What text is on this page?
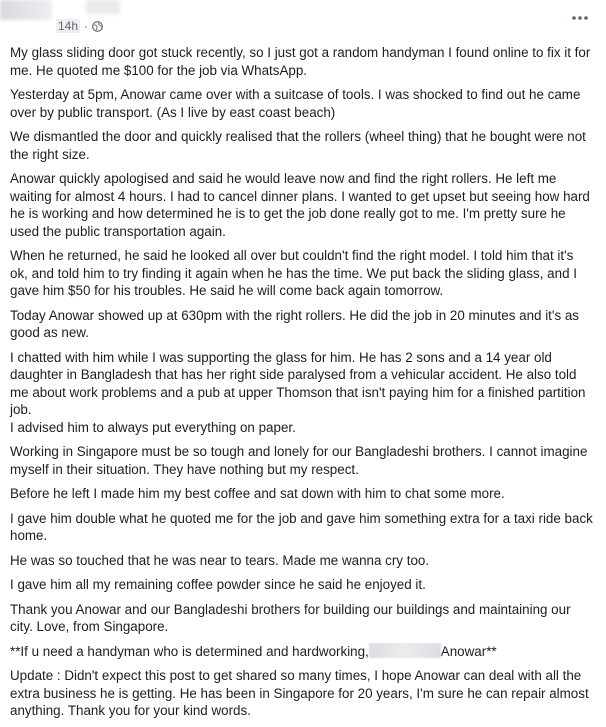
14h ·

My glass sliding door got stuck recently, so I just got a random handyman I found online to fix it for me. He quoted me $100 for the job via WhatsApp.

Yesterday at 5pm, Anowar came over with a suitcase of tools. I was shocked to find out he came over by public transport. (As I live by east coast beach)

We dismantled the door and quickly realised that the rollers (wheel thing) that he bought were not the right size.

Anowar quickly apologised and said he would leave now and find the right rollers. He left me waiting for almost 4 hours. I had to cancel dinner plans. I wanted to get upset but seeing how hard he is working and how determined he is to get the job done really got to me. I'm pretty sure he used the public transportation again.

When he returned, he said he looked all over but couldn't find the right model. I told him that it's ok, and told him to try finding it again when he has the time. We put back the sliding glass, and I gave him $50 for his troubles. He said he will come back again tomorrow.

Today Anowar showed up at 630pm with the right rollers. He did the job in 20 minutes and it's as good as new.

I chatted with him while I was supporting the glass for him. He has 2 sons and a 14 year old daughter in Bangladesh that has her right side paralysed from a vehicular accident. He also told me about work problems and a pub at upper Thomson that isn't paying him for a finished partition job.

I advised him to always put everything on paper.

Working in Singapore must be so tough and lonely for our Bangladeshi brothers. I cannot imagine myself in their situation. They have nothing but my respect.

Before he left I made him my best coffee and sat down with him to chat some more.

I gave him double what he quoted me for the job and gave him something extra for a taxi ride back home.

He was so touched that he was near to tears. Made me wanna cry too.

I gave him all my remaining coffee powder since he said he enjoyed it.

Thank you Anowar and our Bangladeshi brothers for building our buildings and maintaining our city. Love, from Singapore.

**If u need a handyman who is determined and hardworking,	Anowar**

Update : Didn't expect this post to get shared so many times, I hope Anowar can deal with all the extra business he is getting. He has been in Singapore for 20 years, I'm sure he can repair almost anything. Thank you for your kind words.
